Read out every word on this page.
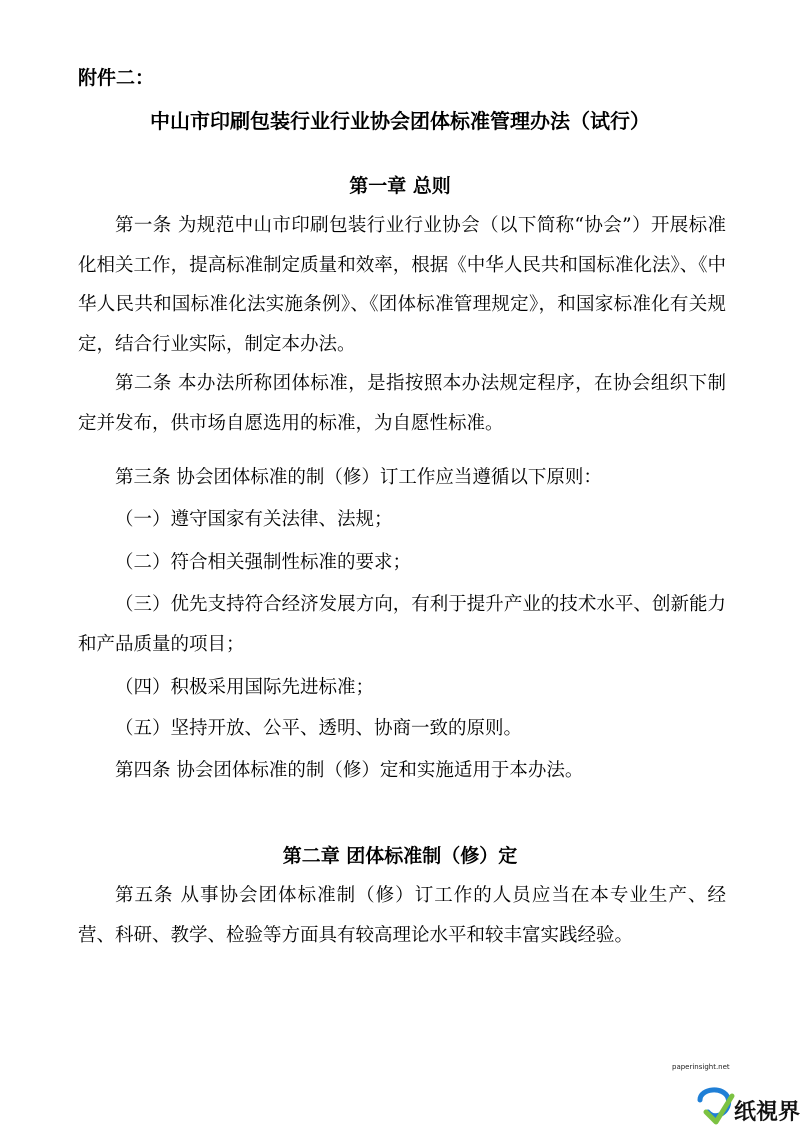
附件二：
中山市印刷包装行业行业协会团体标准管理办法（试行）
第一章 总则

第一条 为规范中山市印刷包装行业行业协会（以下简称“协会”）开展标准化相关工作，提高标准制定质量和效率，根据《中华人民共和国标准化法》、《中华人民共和国标准化法实施条例》、《团体标准管理规定》，和国家标准化有关规定，结合行业实际，制定本办法。

第二条 本办法所称团体标准，是指按照本办法规定程序，在协会组织下制定并发布，供市场自愿选用的标准，为自愿性标准。

第三条 协会团体标准的制（修）订工作应当遵循以下原则：

（一）遵守国家有关法律、法规；

（二）符合相关强制性标准的要求；

（三）优先支持符合经济发展方向，有利于提升产业的技术水平、创新能力和产品质量的项目；

（四）积极采用国际先进标准；

（五）坚持开放、公平、透明、协商一致的原则。

第四条 协会团体标准的制（修）定和实施适用于本办法。

第二章 团体标准制（修）定

第五条 从事协会团体标准制（修）订工作的人员应当在本专业生产、经营、科研、教学、检验等方面具有较高理论水平和较丰富实践经验。

paperinsight.net
纸視界
